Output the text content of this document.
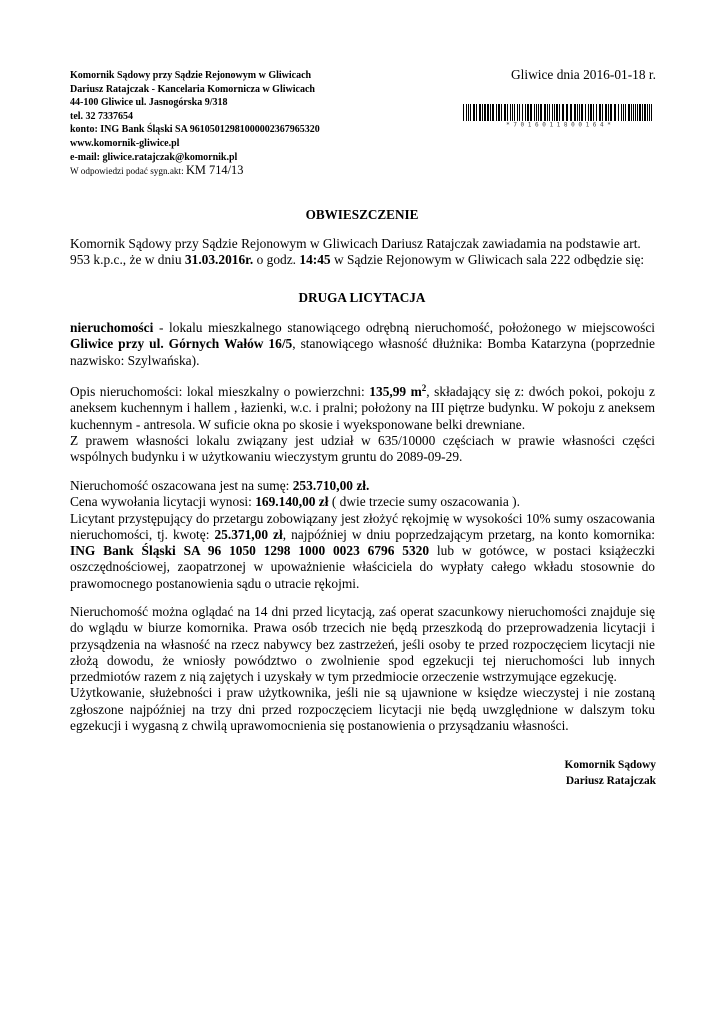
Komornik Sądowy przy Sądzie Rejonowym w Gliwicach
Dariusz Ratajczak - Kancelaria Komornicza w Gliwicach
44-100 Gliwice ul. Jasnogórska 9/318
tel. 32 7337654
konto: ING Bank Śląski SA 96105012981000002367965320
www.komornik-gliwice.pl
e-mail: gliwice.ratajczak@komornik.pl
W odpowiedzi podać sygn.akt: KM 714/13
Gliwice dnia 2016-01-18 r.
* 7 0 1 6 0 1 1 8 0 0 1 6 4 *
OBWIESZCZENIE

Komornik Sądowy przy Sądzie Rejonowym w Gliwicach Dariusz Ratajczak zawiadamia na podstawie art.

953 k.p.c., że w dniu 31.03.2016r. o godz. 14:45 w Sądzie Rejonowym w Gliwicach sala 222 odbędzie się:

DRUGA LICYTACJA

nieruchomości - lokalu mieszkalnego stanowiącego odrębną nieruchomość, położonego w miejscowości Gliwice przy ul. Górnych Wałów 16/5, stanowiącego własność dłużnika: Bomba Katarzyna (poprzednie nazwisko: Szylwańska).

Opis nieruchomości: lokal mieszkalny o powierzchni: 135,99 $m^2$, składający się z: dwóch pokoi, pokoju z aneksem kuchennym i hallem , łazienki, w.c. i pralni; położony na III piętrze budynku. W pokoju z aneksem kuchennym - antresola. W suficie okna po skosie i wyeksponowane belki drewniane.

Z prawem własności lokalu związany jest udział w 635/10000 częściach w prawie własności części wspólnych budynku i w użytkowaniu wieczystym gruntu do 2089-09-29.

Nieruchomość oszacowana jest na sumę: 253.710,00 zł.

Cena wywołania licytacji wynosi: 169.140,00 zł ( dwie trzecie sumy oszacowania ).

Licytant przystępujący do przetargu zobowiązany jest złożyć rękojmię w wysokości 10% sumy oszacowania nieruchomości, tj. kwotę: 25.371,00 zł, najpóźniej w dniu poprzedzającym przetarg, na konto komornika: ING Bank Śląski SA 96 1050 1298 1000 0023 6796 5320 lub w gotówce, w postaci książeczki oszczędnościowej, zaopatrzonej w upoważnienie właściciela do wypłaty całego wkładu stosownie do prawomocnego postanowienia sądu o utracie rękojmi.

Nieruchomość można oglądać na 14 dni przed licytacją, zaś operat szacunkowy nieruchomości znajduje się do wglądu w biurze komornika. Prawa osób trzecich nie będą przeszkodą do przeprowadzenia licytacji i przysądzenia na własność na rzecz nabywcy bez zastrzeżeń, jeśli osoby te przed rozpoczęciem licytacji nie złożą dowodu, że wniosły powództwo o zwolnienie spod egzekucji tej nieruchomości lub innych przedmiotów razem z nią zajętych i uzyskały w tym przedmiocie orzeczenie wstrzymujące egzekucję.

Użytkowanie, służebności i praw użytkownika, jeśli nie są ujawnione w księdze wieczystej i nie zostaną zgłoszone najpóźniej na trzy dni przed rozpoczęciem licytacji nie będą uwzględnione w dalszym toku egzekucji i wygasną z chwilą uprawomocnienia się postanowienia o przysądzaniu własności.

Komornik Sądowy
Dariusz Ratajczak
